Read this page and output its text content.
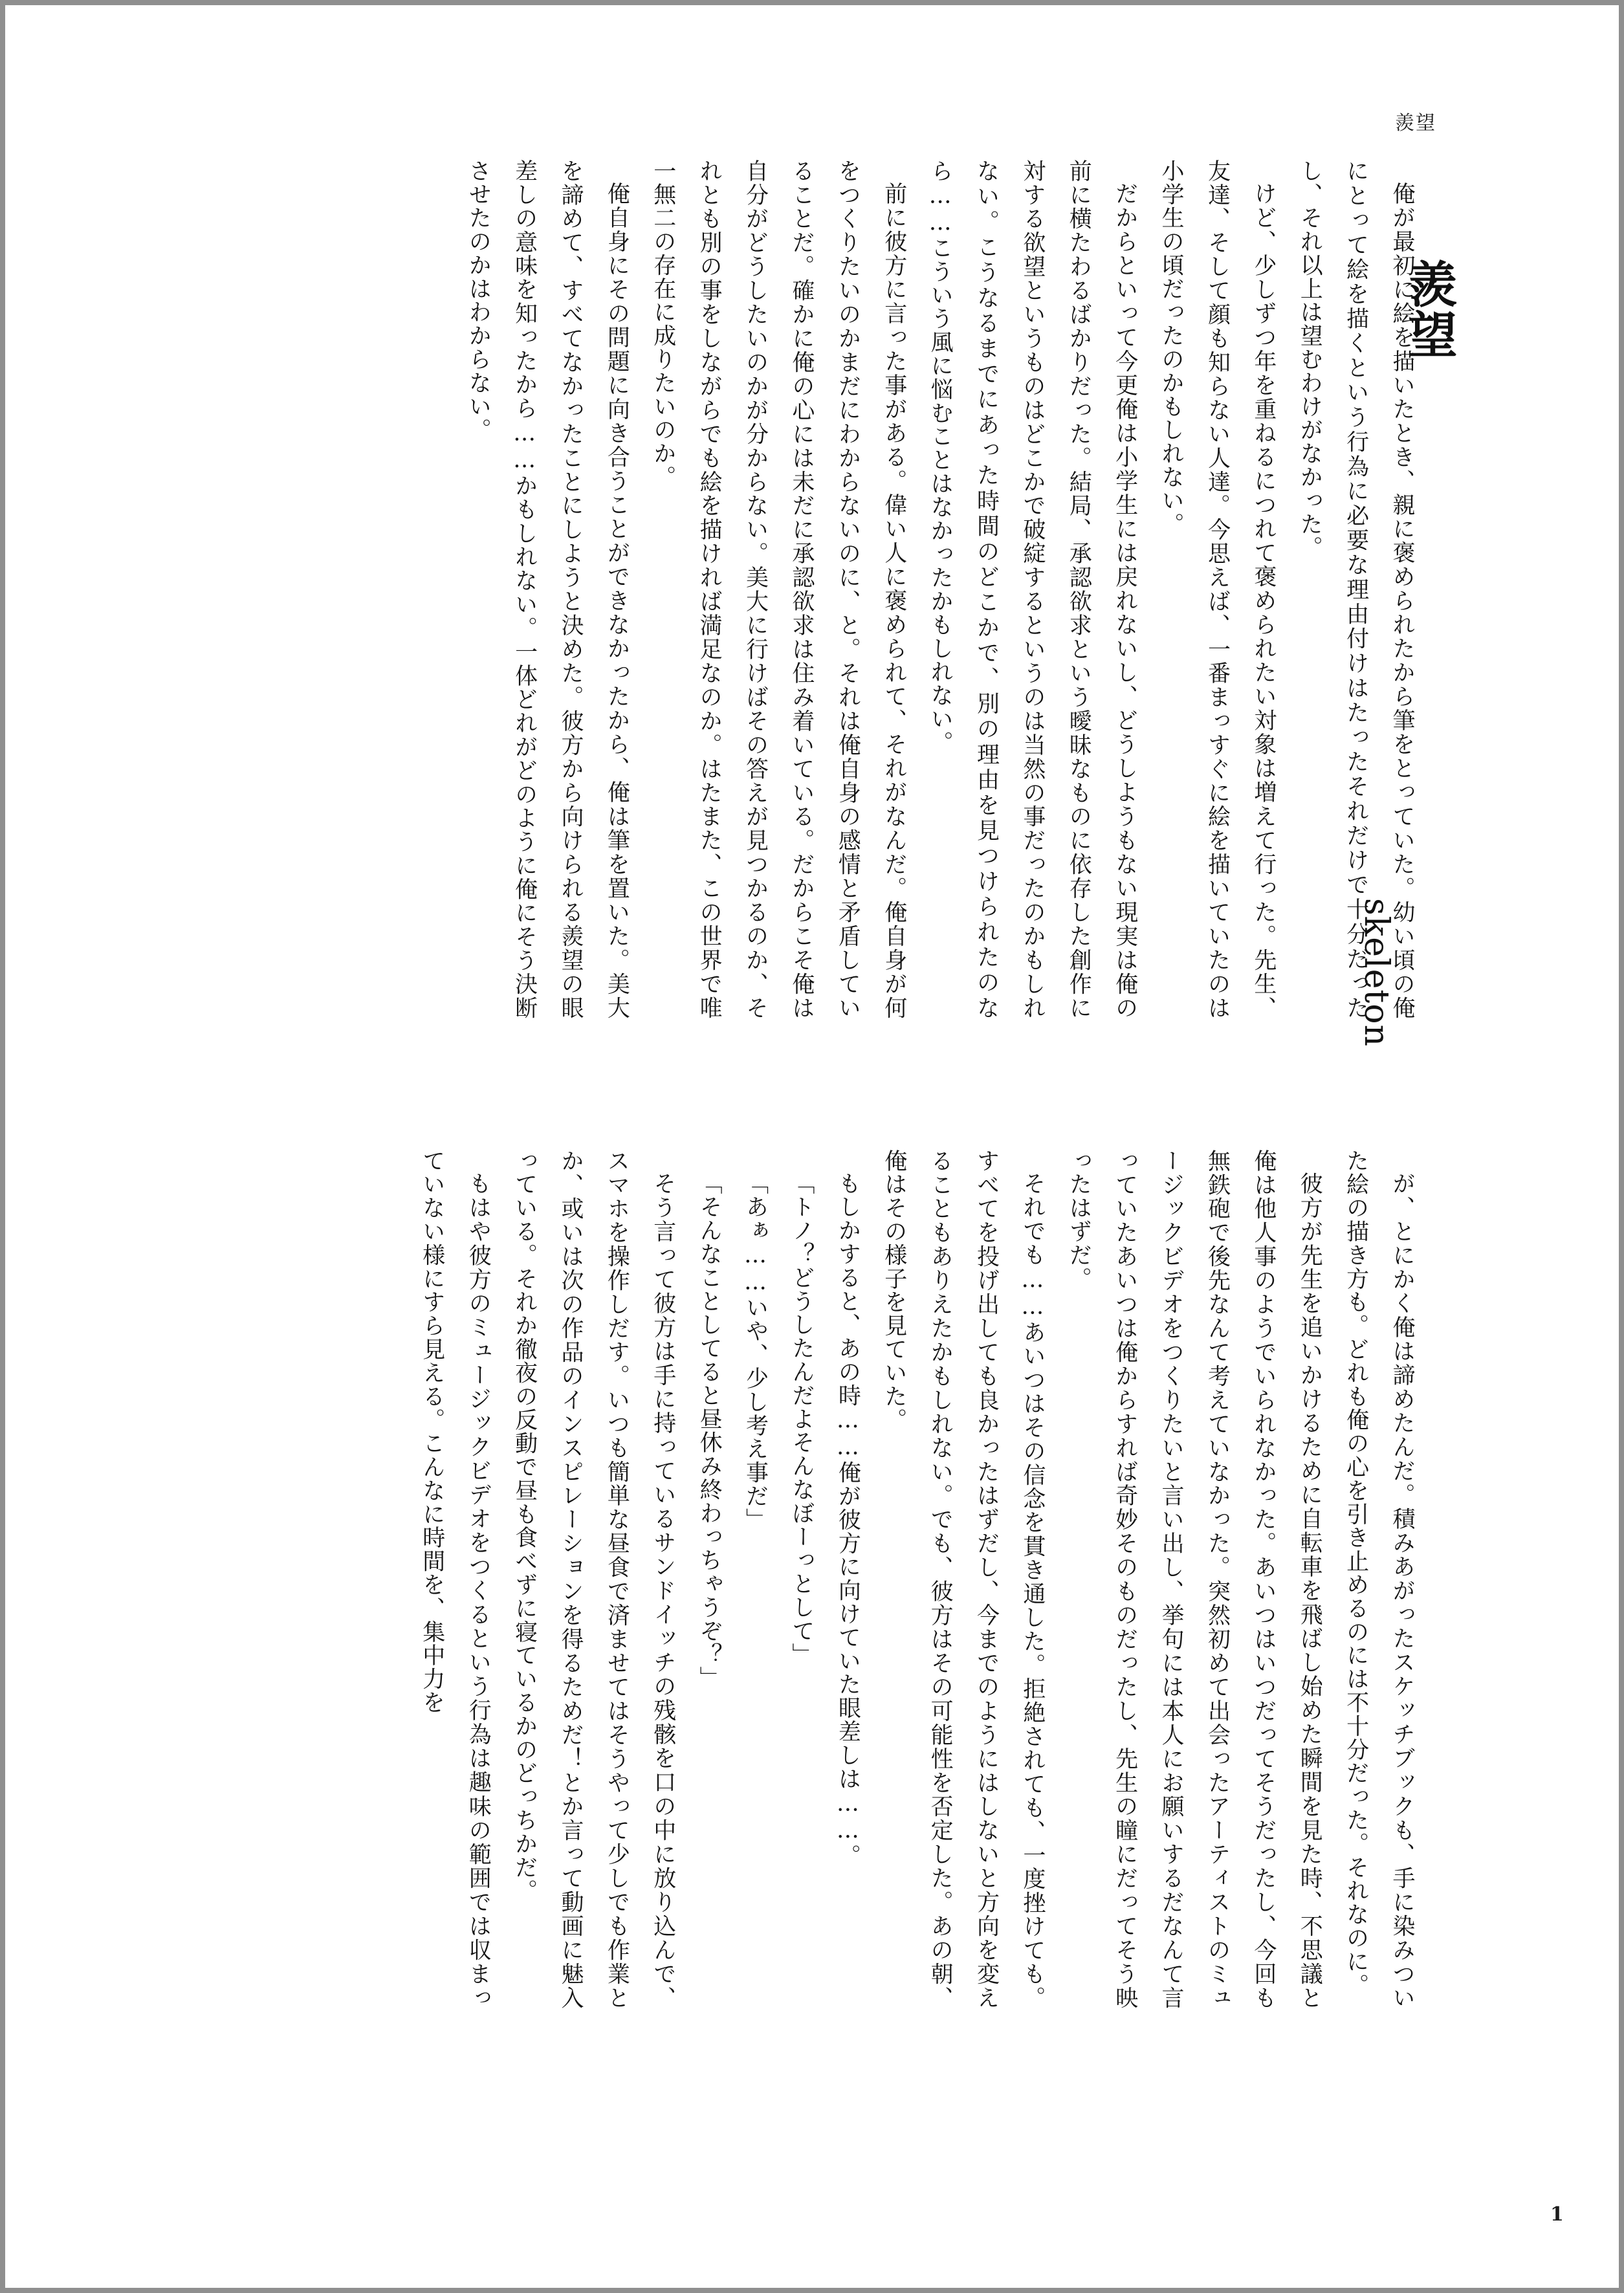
羨望
羨望
skeleton

俺が最初に絵を描いたとき、親に褒められたから筆をとっていた。幼い頃の俺にとって絵を描くという行為に必要な理由付けはたったそれだけで十分だったし、それ以上は望むわけがなかった。

けど、少しずつ年を重ねるにつれて褒められたい対象は増えて行った。先生、友達、そして顔も知らない人達。今思えば、一番まっすぐに絵を描いていたのは小学生の頃だったのかもしれない。

だからといって今更俺は小学生には戻れないし、どうしようもない現実は俺の前に横たわるばかりだった。結局、承認欲求という曖昧なものに依存した創作に対する欲望というものはどこかで破綻するというのは当然の事だったのかもしれない。こうなるまでにあった時間のどこかで、別の理由を見つけられたのなら……こういう風に悩むことはなかったかもしれない。

前に彼方に言った事がある。偉い人に褒められて、それがなんだ。俺自身が何をつくりたいのかまだにわからないのに、と。それは俺自身の感情と矛盾していることだ。確かに俺の心には未だに承認欲求は住み着いている。だからこそ俺は自分がどうしたいのかが分からない。美大に行けばその答えが見つかるのか、それとも別の事をしながらでも絵を描ければ満足なのか。はたまた、この世界で唯一無二の存在に成りたいのか。

俺自身にその問題に向き合うことができなかったから、俺は筆を置いた。美大を諦めて、すべてなかったことにしようと決めた。彼方から向けられる羨望の眼差しの意味を知ったから……かもしれない。一体どれがどのように俺にそう決断させたのかはわからない。

が、とにかく俺は諦めたんだ。積みあがったスケッチブックも、手に染みついた絵の描き方も。どれも俺の心を引き止めるのには不十分だった。それなのに。

彼方が先生を追いかけるために自転車を飛ばし始めた瞬間を見た時、不思議と俺は他人事のようでいられなかった。あいつはいつだってそうだったし、今回も無鉄砲で後先なんて考えていなかった。突然初めて出会ったアーティストのミュージックビデオをつくりたいと言い出し、挙句には本人にお願いするだなんて言っていたあいつは俺からすれば奇妙そのものだったし、先生の瞳にだってそう映ったはずだ。

それでも……あいつはその信念を貫き通した。拒絶されても、一度挫けても。すべてを投げ出しても良かったはずだし、今までのようにはしないと方向を変えることもありえたかもしれない。でも、彼方はその可能性を否定した。あの朝、俺はその様子を見ていた。

もしかすると、あの時……俺が彼方に向けていた眼差しは……。

「トノ？どうしたんだよそんなぼーっとして」

「あぁ……いや、少し考え事だ」

「そんなことしてると昼休み終わっちゃうぞ？」

そう言って彼方は手に持っているサンドイッチの残骸を口の中に放り込んで、スマホを操作しだす。いつも簡単な昼食で済ませてはそうやって少しでも作業とか、或いは次の作品のインスピレーションを得るためだ！とか言って動画に魅入っている。それか徹夜の反動で昼も食べずに寝ているかのどっちかだ。

もはや彼方のミュージックビデオをつくるという行為は趣味の範囲では収まっていない様にすら見える。こんなに時間を、集中力を

1
